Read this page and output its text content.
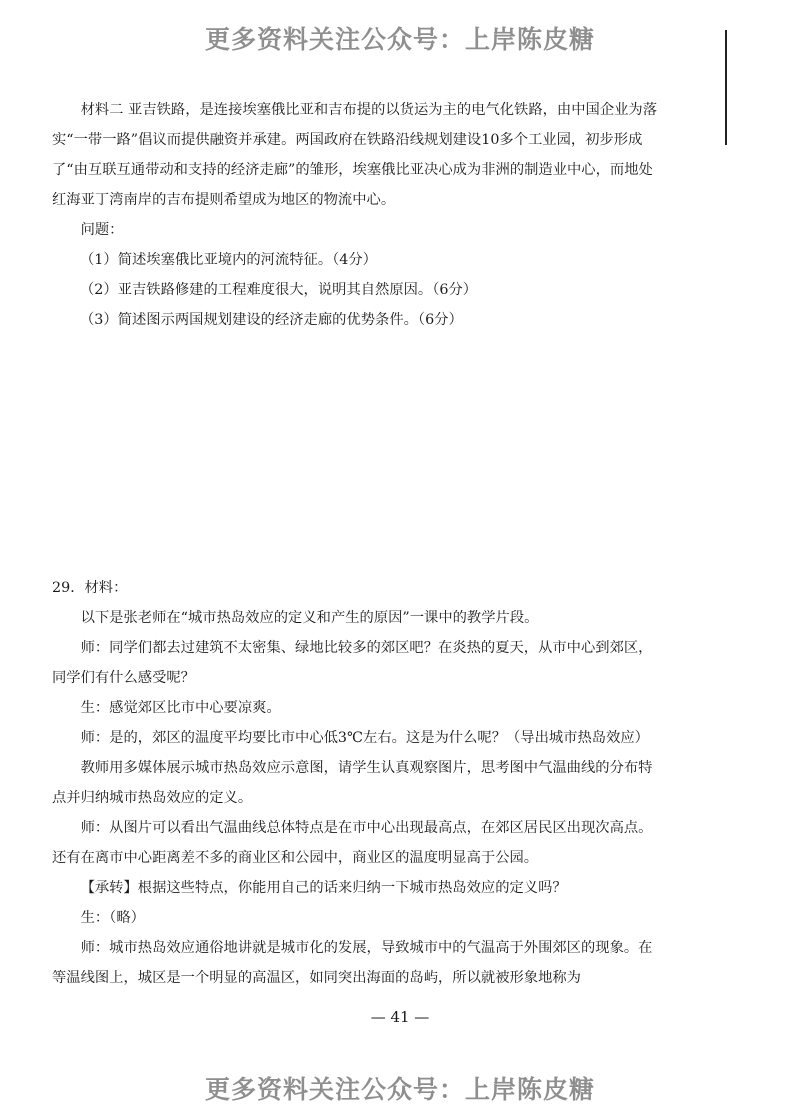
更多资料关注公众号：上岸陈皮糖

材料二 亚吉铁路，是连接埃塞俄比亚和吉布提的以货运为主的电气化铁路，由中国企业为落实“一带一路”倡议而提供融资并承建。两国政府在铁路沿线规划建设10多个工业园，初步形成了“由互联互通带动和支持的经济走廊”的雏形，埃塞俄比亚决心成为非洲的制造业中心，而地处红海亚丁湾南岸的吉布提则希望成为地区的物流中心。

问题：

（1）简述埃塞俄比亚境内的河流特征。（4分）

（2）亚吉铁路修建的工程难度很大，说明其自然原因。（6分）

（3）简述图示两国规划建设的经济走廊的优势条件。（6分）

29．材料：

以下是张老师在“城市热岛效应的定义和产生的原因”一课中的教学片段。

师：同学们都去过建筑不太密集、绿地比较多的郊区吧？在炎热的夏天，从市中心到郊区，同学们有什么感受呢？

生：感觉郊区比市中心要凉爽。

师：是的，郊区的温度平均要比市中心低3℃左右。这是为什么呢？（导出城市热岛效应）

教师用多媒体展示城市热岛效应示意图，请学生认真观察图片，思考图中气温曲线的分布特点并归纳城市热岛效应的定义。

师：从图片可以看出气温曲线总体特点是在市中心出现最高点，在郊区居民区出现次高点。还有在离市中心距离差不多的商业区和公园中，商业区的温度明显高于公园。

【承转】根据这些特点，你能用自己的话来归纳一下城市热岛效应的定义吗？

生：（略）

师：城市热岛效应通俗地讲就是城市化的发展，导致城市中的气温高于外围郊区的现象。在等温线图上，城区是一个明显的高温区，如同突出海面的岛屿，所以就被形象地称为

— 41 —
更多资料关注公众号：上岸陈皮糖
